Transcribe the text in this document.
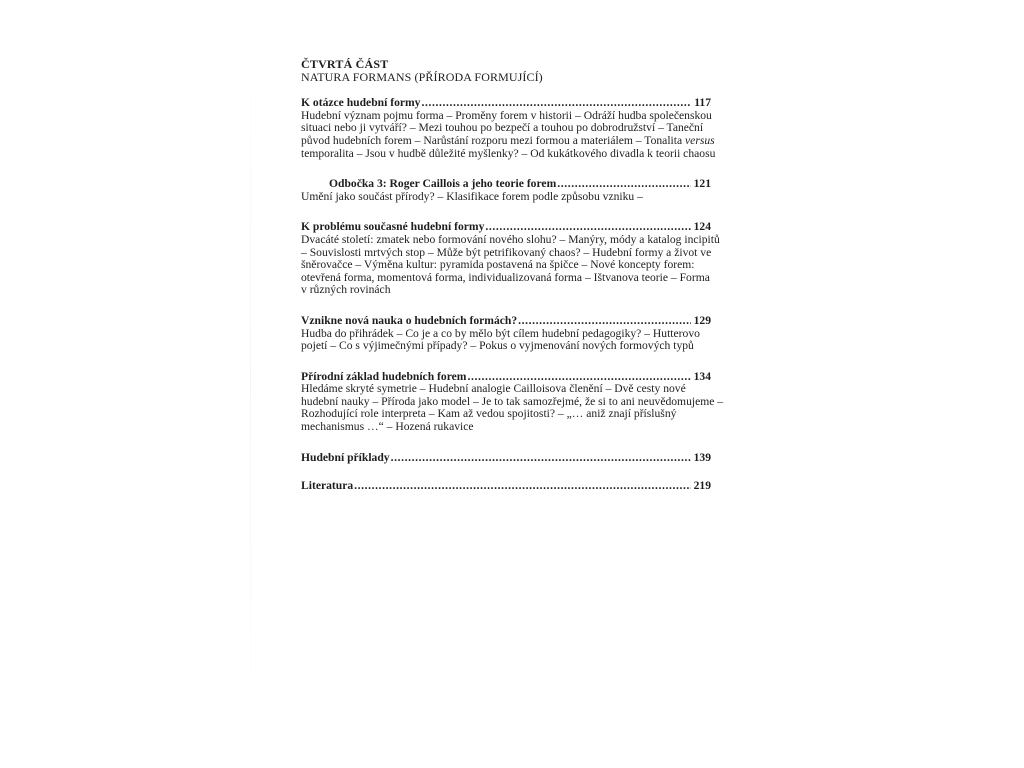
ČTVRTÁ ČÁST

NATURA FORMANS (PŘÍRODA FORMUJÍCÍ)

K otázce hudební formy .....	117

Hudební význam pojmu forma – Proměny forem v historii – Odráží hudba společenskou
situaci nebo ji vytváří? – Mezi touhou po bezpečí a touhou po dobrodružství – Taneční
původ hudebních forem – Narůstání rozporu mezi formou a materiálem – Tonalita versus
temporalita – Jsou v hudbě důležité myšlenky? – Od kukátkového divadla k teorii chaosu

Odbočka 3: Roger Caillois a jeho teorie forem .....	121

Umění jako součást přírody? – Klasifikace forem podle způsobu vzniku –

K problému současné hudební formy .....	124

Dvacáté století: zmatek nebo formování nového slohu? – Manýry, módy a katalog incipitů
– Souvislosti mrtvých stop – Může být petrifikovaný chaos? – Hudební formy a život ve
šněrovačce – Výměna kultur: pyramida postavená na špičce – Nové koncepty forem:
otevřená forma, momentová forma, individualizovaná forma – Ištvanova teorie – Forma
v různých rovinách

Vznikne nová nauka o hudebních formách? .....	129

Hudba do přihrádek – Co je a co by mělo být cílem hudební pedagogiky? – Hutterovo
pojetí – Co s výjimečnými případy? – Pokus o vyjmenování nových formových typů

Přírodní základ hudebních forem .....	134

Hledáme skryté symetrie – Hudební analogie Cailloisova členění – Dvě cesty nové
hudební nauky – Příroda jako model – Je to tak samozřejmé, že si to ani neuvědomujeme –
Rozhodující role interpreta – Kam až vedou spojitosti? – „… aniž znají příslušný
mechanismus …“ – Hozená rukavice

Hudební příklady .....	139
Literatura .....	219
